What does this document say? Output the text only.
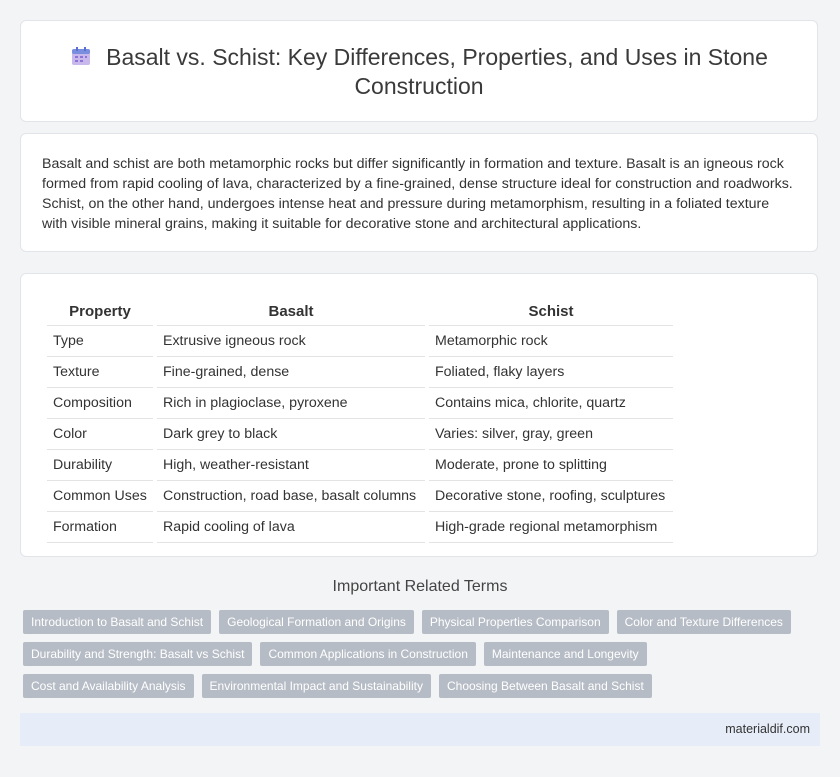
Basalt vs. Schist: Key Differences, Properties, and Uses in Stone
Construction

Basalt and schist are both metamorphic rocks but differ significantly in formation and texture. Basalt is an igneous rock formed from rapid cooling of lava, characterized by a fine-grained, dense structure ideal for construction and roadworks. Schist, on the other hand, undergoes intense heat and pressure during metamorphism, resulting in a foliated texture with visible mineral grains, making it suitable for decorative stone and architectural applications.

Property	Basalt	Schist
Type	Extrusive igneous rock	Metamorphic rock
Texture	Fine-grained, dense	Foliated, flaky layers
Composition	Rich in plagioclase, pyroxene	Contains mica, chlorite, quartz
Color	Dark grey to black	Varies: silver, gray, green
Durability	High, weather-resistant	Moderate, prone to splitting
Common Uses	Construction, road base, basalt columns	Decorative stone, roofing, sculptures
Formation	Rapid cooling of lava	High-grade regional metamorphism
Important Related Terms
Introduction to Basalt and Schist	Geological Formation and Origins	Physical Properties Comparison	Color and Texture Differences
Durability and Strength: Basalt vs Schist	Common Applications in Construction	Maintenance and Longevity
Cost and Availability Analysis	Environmental Impact and Sustainability	Choosing Between Basalt and Schist
materialdif.com
